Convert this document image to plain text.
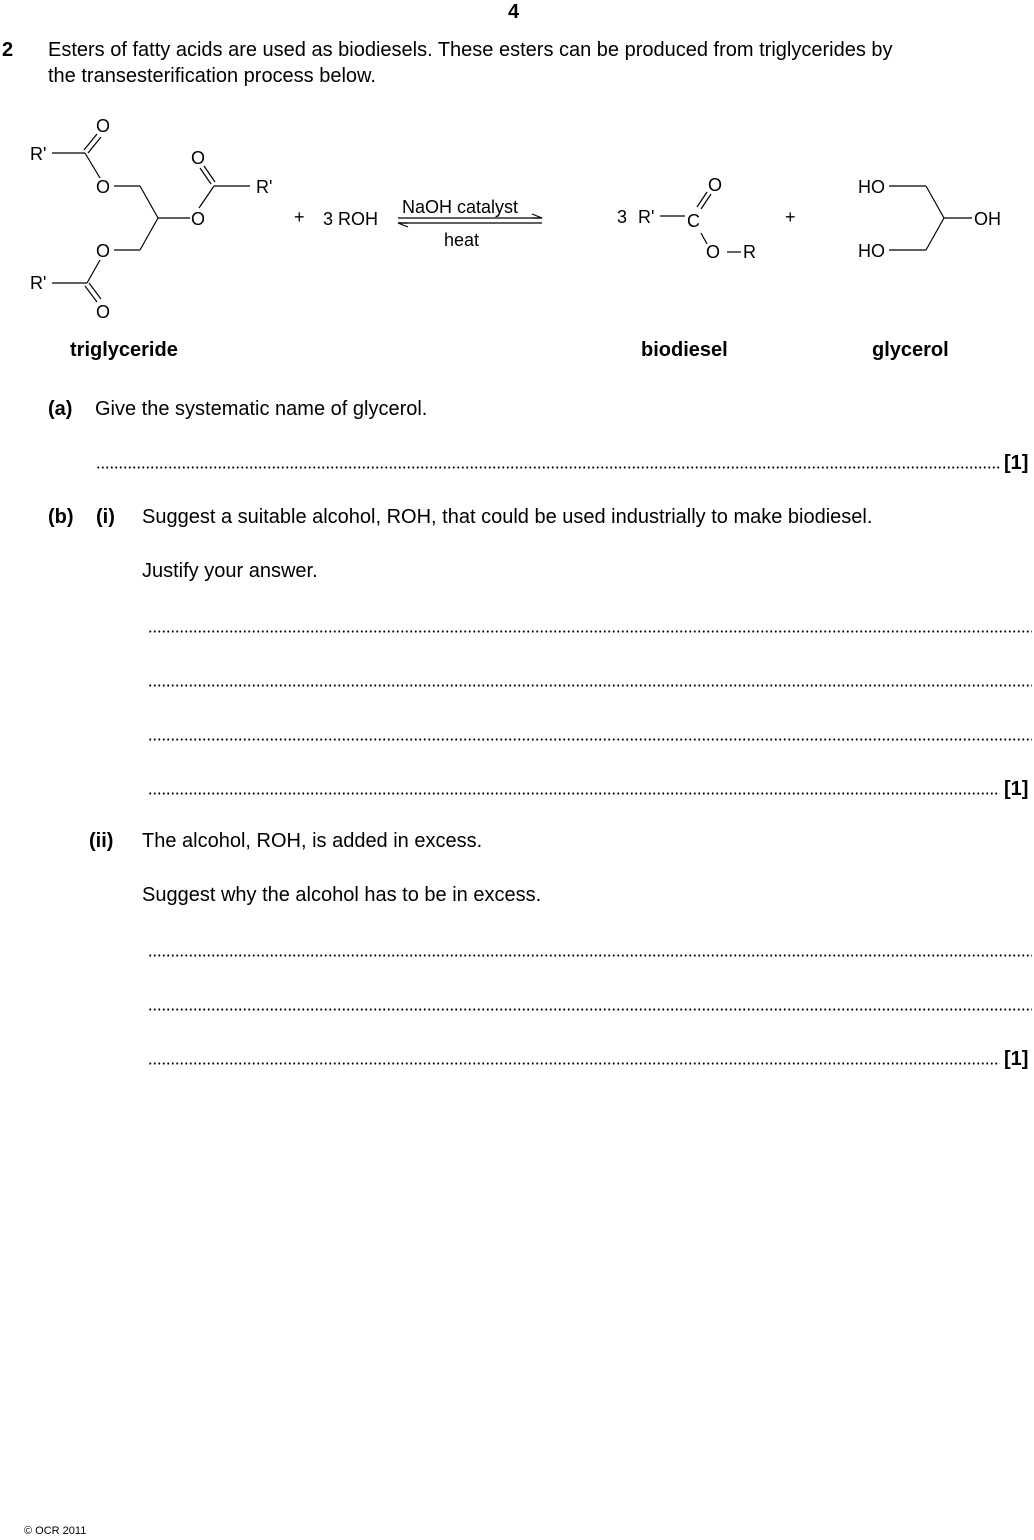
4
2 Esters of fatty acids are used as biodiesels. These esters can be produced from triglycerides by
the transesterification process below.
O
R'
O
O
R'
O
O
R'
O
+ 3 ROH
NaOH catalyst
heat
3 R'
O
C
O R
+
HO
OH
HO
triglyceride	biodiesel	glycerol
(a) Give the systematic name of glycerol.
[1]
(b) (i) Suggest a suitable alcohol, ROH, that could be used industrially to make biodiesel.
Justify your answer.
[1]
(ii) The alcohol, ROH, is added in excess.
Suggest why the alcohol has to be in excess.
[1]
© OCR 2011
